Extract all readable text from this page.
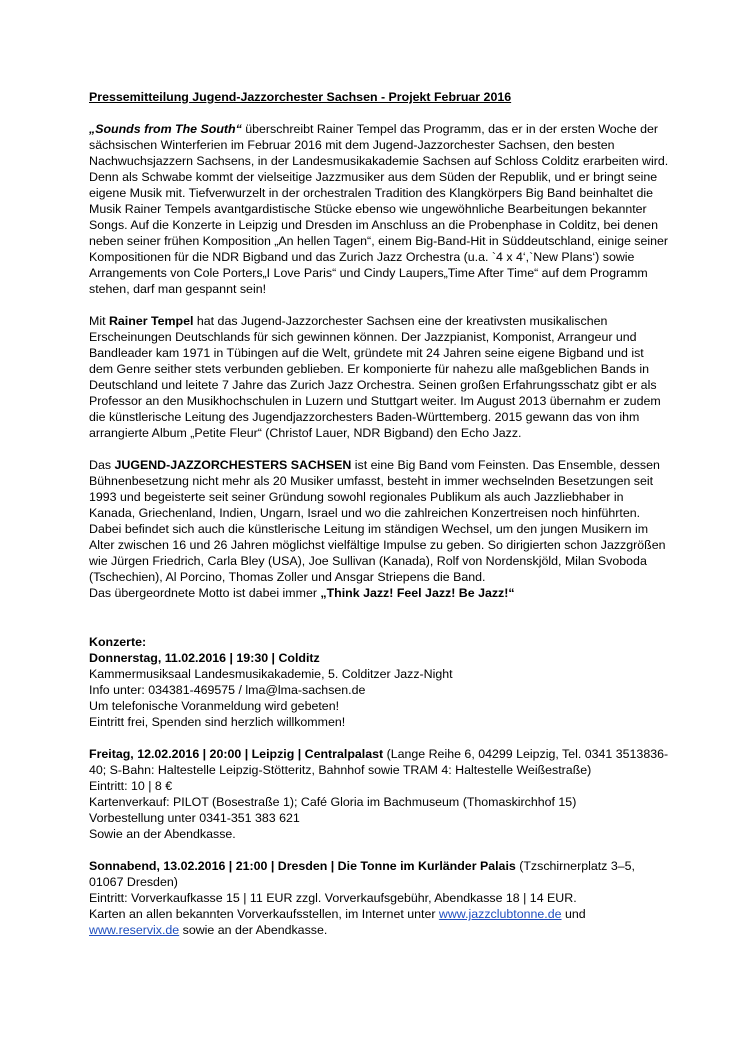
Pressemitteilung Jugend-Jazzorchester Sachsen - Projekt Februar 2016

„Sounds from The South“ überschreibt Rainer Tempel das Programm, das er in der ersten Woche der sächsischen Winterferien im Februar 2016 mit dem Jugend-Jazzorchester Sachsen, den besten Nachwuchsjazzern Sachsens, in der Landesmusikakademie Sachsen auf Schloss Colditz erarbeiten wird. Denn als Schwabe kommt der vielseitige Jazzmusiker aus dem Süden der Republik, und er bringt seine eigene Musik mit. Tiefverwurzelt in der orchestralen Tradition des Klangkörpers Big Band beinhaltet die Musik Rainer Tempels avantgardistische Stücke ebenso wie ungewöhnliche Bearbeitungen bekannter Songs. Auf die Konzerte in Leipzig und Dresden im Anschluss an die Probenphase in Colditz, bei denen neben seiner frühen Komposition „An hellen Tagen“, einem Big-Band-Hit in Süddeutschland, einige seiner Kompositionen für die NDR Bigband und das Zurich Jazz Orchestra (u.a. `4 x 4‘,`New Plans‘) sowie Arrangements von Cole Porters„I Love Paris“ und Cindy Laupers„Time After Time“ auf dem Programm stehen, darf man gespannt sein!

Mit Rainer Tempel hat das Jugend-Jazzorchester Sachsen eine der kreativsten musikalischen Erscheinungen Deutschlands für sich gewinnen können. Der Jazzpianist, Komponist, Arrangeur und Bandleader kam 1971 in Tübingen auf die Welt, gründete mit 24 Jahren seine eigene Bigband und ist dem Genre seither stets verbunden geblieben. Er komponierte für nahezu alle maßgeblichen Bands in Deutschland und leitete 7 Jahre das Zurich Jazz Orchestra. Seinen großen Erfahrungsschatz gibt er als Professor an den Musikhochschulen in Luzern und Stuttgart weiter. Im August 2013 übernahm er zudem die künstlerische Leitung des Jugendjazzorchesters Baden-Württemberg. 2015 gewann das von ihm arrangierte Album „Petite Fleur“ (Christof Lauer, NDR Bigband) den Echo Jazz.

Das JUGEND-JAZZORCHESTERS SACHSEN ist eine Big Band vom Feinsten. Das Ensemble, dessen Bühnenbesetzung nicht mehr als 20 Musiker umfasst, besteht in immer wechselnden Besetzungen seit 1993 und begeisterte seit seiner Gründung sowohl regionales Publikum als auch Jazzliebhaber in Kanada, Griechenland, Indien, Ungarn, Israel und wo die zahlreichen Konzertreisen noch hinführten. Dabei befindet sich auch die künstlerische Leitung im ständigen Wechsel, um den jungen Musikern im Alter zwischen 16 und 26 Jahren möglichst vielfältige Impulse zu geben. So dirigierten schon Jazzgrößen wie Jürgen Friedrich, Carla Bley (USA), Joe Sullivan (Kanada), Rolf von Nordenskjöld, Milan Svoboda (Tschechien), Al Porcino, Thomas Zoller und Ansgar Striepens die Band.

Das übergeordnete Motto ist dabei immer „Think Jazz! Feel Jazz! Be Jazz!“

Konzerte:

Donnerstag, 11.02.2016 | 19:30 | Colditz

Kammermusiksaal Landesmusikakademie, 5. Colditzer Jazz-Night

Info unter: 034381-469575 / lma@lma-sachsen.de

Um telefonische Voranmeldung wird gebeten!

Eintritt frei, Spenden sind herzlich willkommen!

Freitag, 12.02.2016 | 20:00 | Leipzig | Centralpalast (Lange Reihe 6, 04299 Leipzig, Tel. 0341 3513836-40; S-Bahn: Haltestelle Leipzig-Stötteritz, Bahnhof sowie TRAM 4: Haltestelle Weißestraße)

Eintritt: 10 | 8 €

Kartenverkauf: PILOT (Bosestraße 1); Café Gloria im Bachmuseum (Thomaskirchhof 15)

Vorbestellung unter 0341-351 383 621

Sowie an der Abendkasse.

Sonnabend, 13.02.2016 | 21:00 | Dresden | Die Tonne im Kurländer Palais (Tzschirnerplatz 3–5, 01067 Dresden)

Eintritt: Vorverkaufkasse 15 | 11 EUR zzgl. Vorverkaufsgebühr, Abendkasse 18 | 14 EUR.

Karten an allen bekannten Vorverkaufsstellen, im Internet unter www.jazzclubtonne.de und
www.reservix.de sowie an der Abendkasse.
